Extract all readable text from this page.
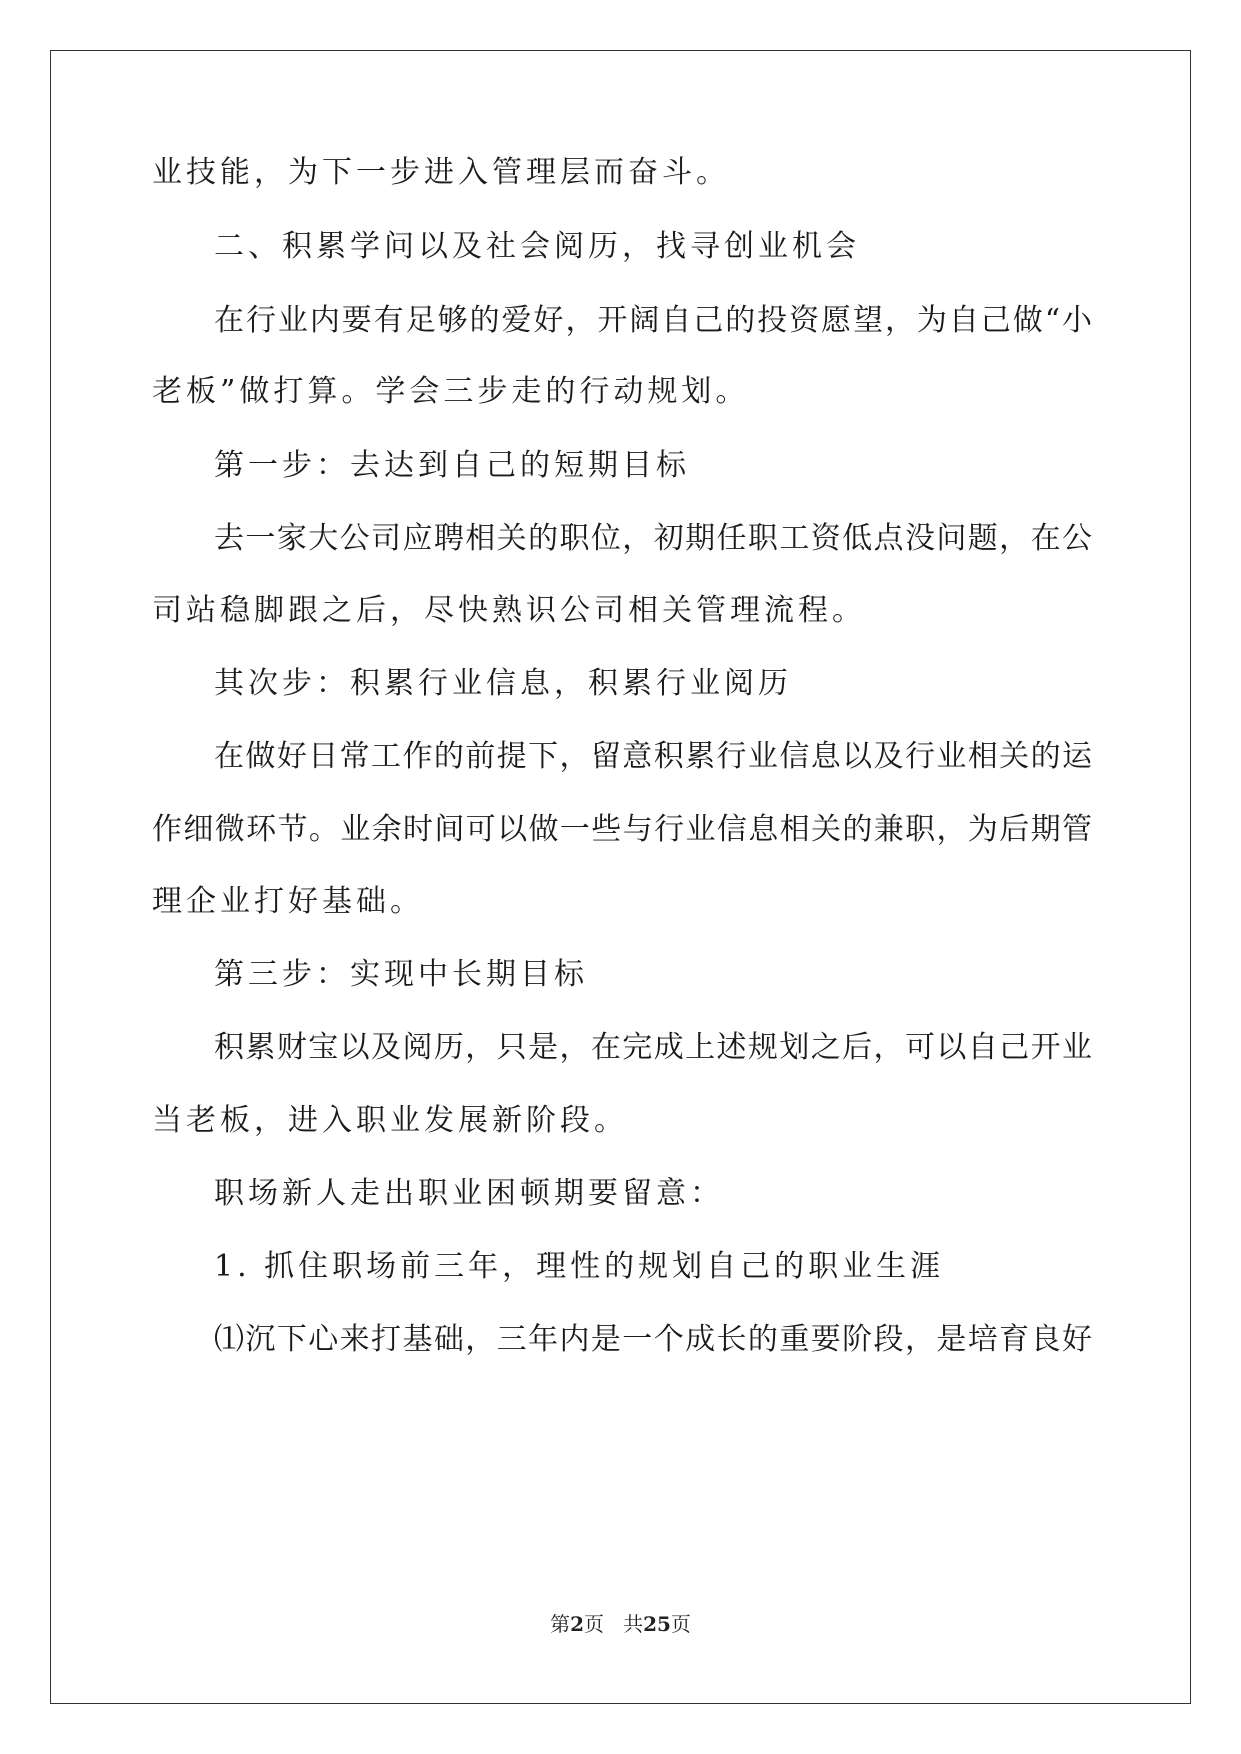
业技能，为下一步进入管理层而奋斗。
二、积累学问以及社会阅历，找寻创业机会
在行业内要有足够的爱好，开阔自己的投资愿望，为自己做“小
老板”做打算。学会三步走的行动规划。
第一步：去达到自己的短期目标
去一家大公司应聘相关的职位，初期任职工资低点没问题，在公
司站稳脚跟之后，尽快熟识公司相关管理流程。
其次步：积累行业信息，积累行业阅历
在做好日常工作的前提下，留意积累行业信息以及行业相关的运
作细微环节。业余时间可以做一些与行业信息相关的兼职，为后期管
理企业打好基础。
第三步：实现中长期目标
积累财宝以及阅历，只是，在完成上述规划之后，可以自己开业
当老板，进入职业发展新阶段。
职场新人走出职业困顿期要留意：
1. 抓住职场前三年，理性的规划自己的职业生涯
⑴沉下心来打基础，三年内是一个成长的重要阶段，是培育良好
第2页 共25页
